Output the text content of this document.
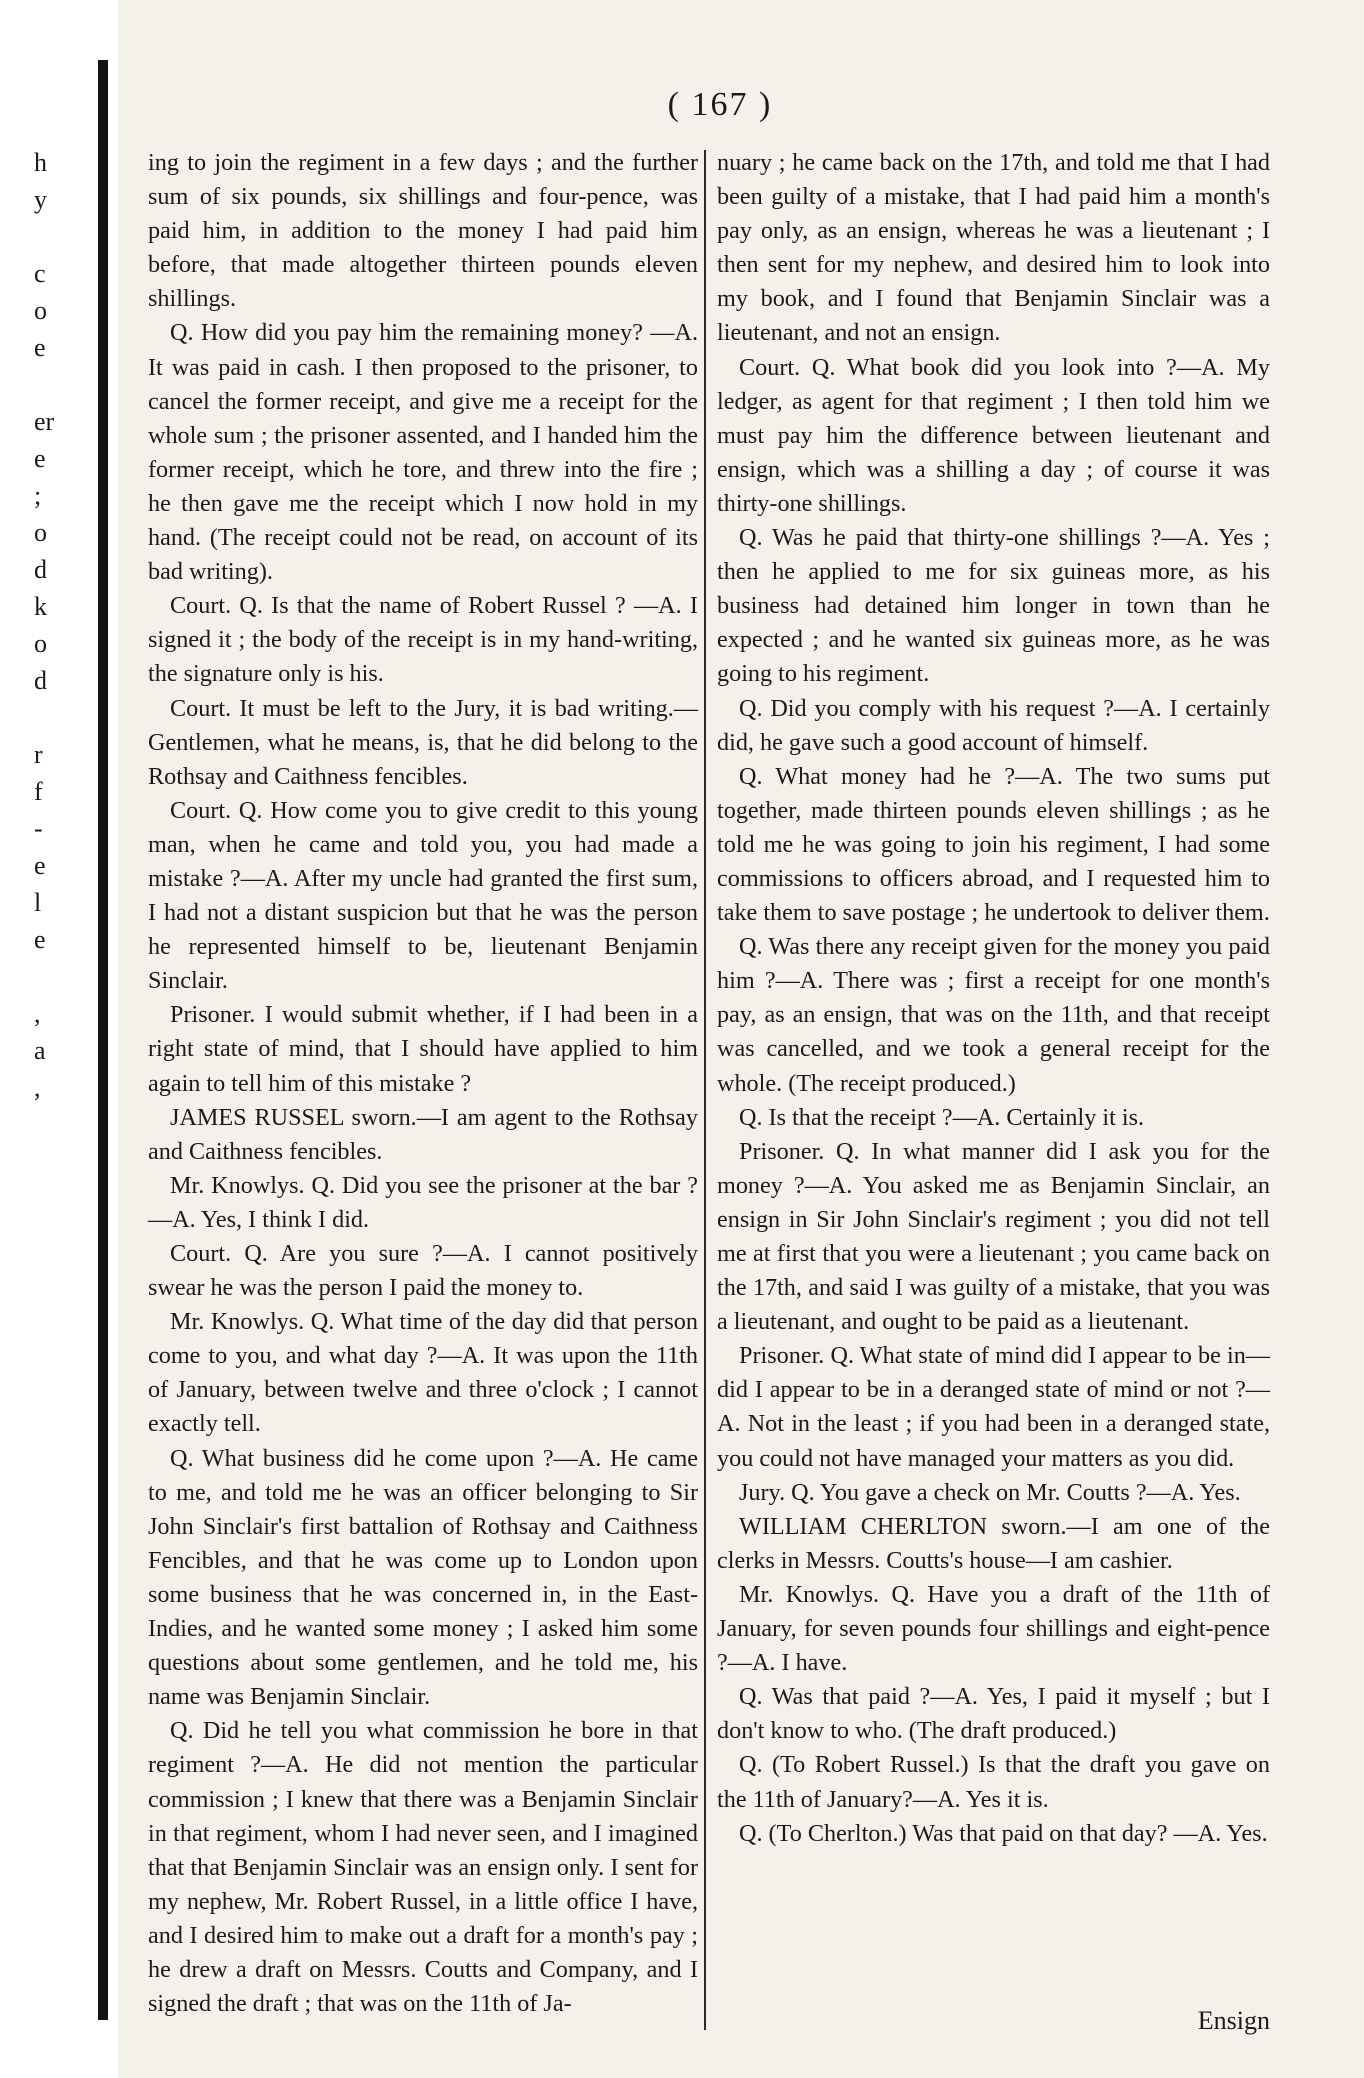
h
y
c
o
e
er
e
;
o
d
k
o
d
r
f
-
e
l
e
,
a
,
( 167 )

ing to join the regiment in a few days ; and the further sum of six pounds, six shillings and four-pence, was paid him, in addition to the money I had paid him before, that made altogether thirteen pounds eleven shillings.

Q. How did you pay him the remaining money? —A. It was paid in cash. I then proposed to the prisoner, to cancel the former receipt, and give me a receipt for the whole sum ; the prisoner assented, and I handed him the former receipt, which he tore, and threw into the fire ; he then gave me the receipt which I now hold in my hand. (The receipt could not be read, on account of its bad writing).

Court. Q. Is that the name of Robert Russel ? —A. I signed it ; the body of the receipt is in my hand-writing, the signature only is his.

Court. It must be left to the Jury, it is bad writing.—Gentlemen, what he means, is, that he did belong to the Rothsay and Caithness fencibles.

Court. Q. How come you to give credit to this young man, when he came and told you, you had made a mistake ?—A. After my uncle had granted the first sum, I had not a distant suspicion but that he was the person he represented himself to be, lieutenant Benjamin Sinclair.

Prisoner. I would submit whether, if I had been in a right state of mind, that I should have applied to him again to tell him of this mistake ?

JAMES RUSSEL sworn.—I am agent to the Rothsay and Caithness fencibles.

Mr. Knowlys. Q. Did you see the prisoner at the bar ?—A. Yes, I think I did.

Court. Q. Are you sure ?—A. I cannot positively swear he was the person I paid the money to.

Mr. Knowlys. Q. What time of the day did that person come to you, and what day ?—A. It was upon the 11th of January, between twelve and three o'clock ; I cannot exactly tell.

Q. What business did he come upon ?—A. He came to me, and told me he was an officer belonging to Sir John Sinclair's first battalion of Rothsay and Caithness Fencibles, and that he was come up to London upon some business that he was concerned in, in the East-Indies, and he wanted some money ; I asked him some questions about some gentlemen, and he told me, his name was Benjamin Sinclair.

Q. Did he tell you what commission he bore in that regiment ?—A. He did not mention the particular commission ; I knew that there was a Benjamin Sinclair in that regiment, whom I had never seen, and I imagined that that Benjamin Sinclair was an ensign only. I sent for my nephew, Mr. Robert Russel, in a little office I have, and I desired him to make out a draft for a month's pay ; he drew a draft on Messrs. Coutts and Company, and I signed the draft ; that was on the 11th of Ja-

nuary ; he came back on the 17th, and told me that I had been guilty of a mistake, that I had paid him a month's pay only, as an ensign, whereas he was a lieutenant ; I then sent for my nephew, and desired him to look into my book, and I found that Benjamin Sinclair was a lieutenant, and not an ensign.

Court. Q. What book did you look into ?—A. My ledger, as agent for that regiment ; I then told him we must pay him the difference between lieutenant and ensign, which was a shilling a day ; of course it was thirty-one shillings.

Q. Was he paid that thirty-one shillings ?—A. Yes ; then he applied to me for six guineas more, as his business had detained him longer in town than he expected ; and he wanted six guineas more, as he was going to his regiment.

Q. Did you comply with his request ?—A. I certainly did, he gave such a good account of himself.

Q. What money had he ?—A. The two sums put together, made thirteen pounds eleven shillings ; as he told me he was going to join his regiment, I had some commissions to officers abroad, and I requested him to take them to save postage ; he undertook to deliver them.

Q. Was there any receipt given for the money you paid him ?—A. There was ; first a receipt for one month's pay, as an ensign, that was on the 11th, and that receipt was cancelled, and we took a general receipt for the whole. (The receipt produced.)

Q. Is that the receipt ?—A. Certainly it is.

Prisoner. Q. In what manner did I ask you for the money ?—A. You asked me as Benjamin Sinclair, an ensign in Sir John Sinclair's regiment ; you did not tell me at first that you were a lieutenant ; you came back on the 17th, and said I was guilty of a mistake, that you was a lieutenant, and ought to be paid as a lieutenant.

Prisoner. Q. What state of mind did I appear to be in—did I appear to be in a deranged state of mind or not ?—A. Not in the least ; if you had been in a deranged state, you could not have managed your matters as you did.

Jury. Q. You gave a check on Mr. Coutts ?—A. Yes.

WILLIAM CHERLTON sworn.—I am one of the clerks in Messrs. Coutts's house—I am cashier.

Mr. Knowlys. Q. Have you a draft of the 11th of January, for seven pounds four shillings and eight-pence ?—A. I have.

Q. Was that paid ?—A. Yes, I paid it myself ; but I don't know to who. (The draft produced.)

Q. (To Robert Russel.) Is that the draft you gave on the 11th of January?—A. Yes it is.

Q. (To Cherlton.) Was that paid on that day? —A. Yes.

Ensign
